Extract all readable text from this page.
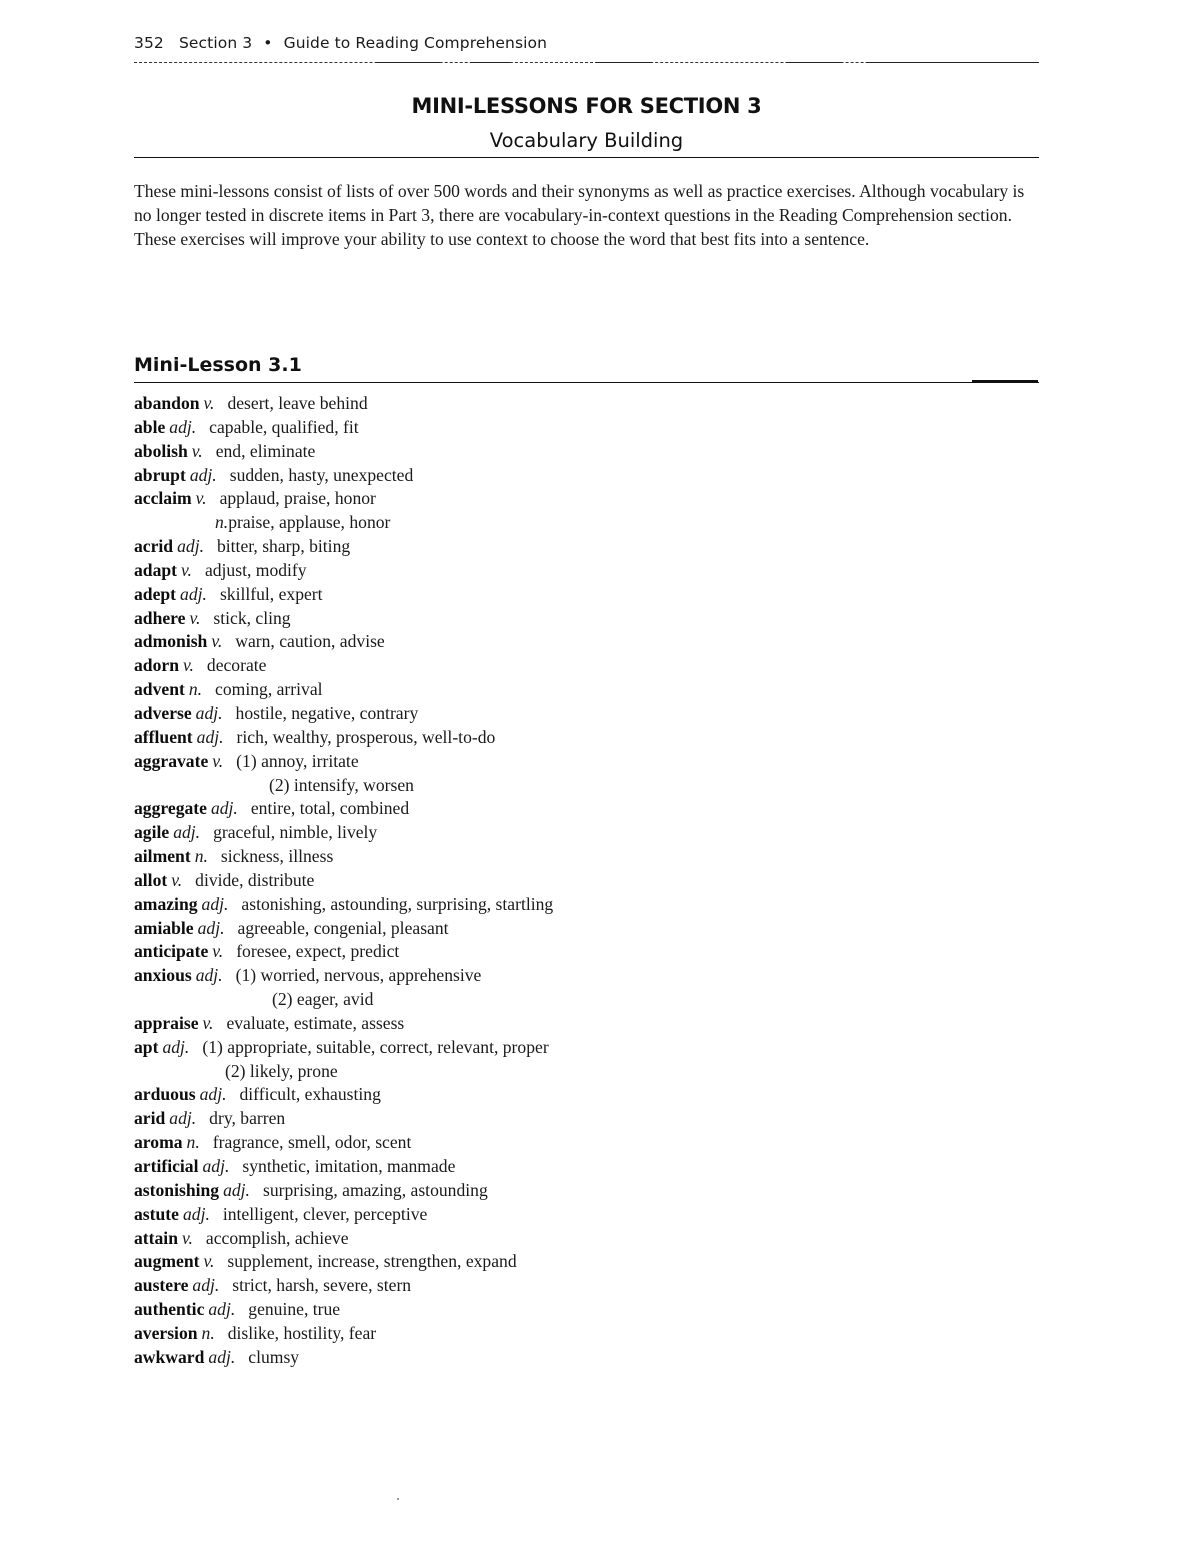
352 Section 3 • Guide to Reading Comprehension
MINI-LESSONS FOR SECTION 3
Vocabulary Building

These mini-lessons consist of lists of over 500 words and their synonyms as well as practice exercises. Although vocabulary is no longer tested in discrete items in Part 3, there are vocabulary-in-context questions in the Reading Comprehension section. These exercises will improve your ability to use context to choose the word that best fits into a sentence.

Mini-Lesson 3.1
abandon v. desert, leave behind
able adj. capable, qualified, fit
abolish v. end, eliminate
abrupt adj. sudden, hasty, unexpected
acclaim v. applaud, praise, honor
n.praise, applause, honor
acrid adj. bitter, sharp, biting
adapt v. adjust, modify
adept adj. skillful, expert
adhere v. stick, cling
admonish v. warn, caution, advise
adorn v. decorate
advent n. coming, arrival
adverse adj. hostile, negative, contrary
affluent adj. rich, wealthy, prosperous, well-to-do
aggravate v. (1) annoy, irritate
(2) intensify, worsen
aggregate adj. entire, total, combined
agile adj. graceful, nimble, lively
ailment n. sickness, illness
allot v. divide, distribute
amazing adj. astonishing, astounding, surprising, startling
amiable adj. agreeable, congenial, pleasant
anticipate v. foresee, expect, predict
anxious adj. (1) worried, nervous, apprehensive
(2) eager, avid
appraise v. evaluate, estimate, assess
apt adj. (1) appropriate, suitable, correct, relevant, proper
(2) likely, prone
arduous adj. difficult, exhausting
arid adj. dry, barren
aroma n. fragrance, smell, odor, scent
artificial adj. synthetic, imitation, manmade
astonishing adj. surprising, amazing, astounding
astute adj. intelligent, clever, perceptive
attain v. accomplish, achieve
augment v. supplement, increase, strengthen, expand
austere adj. strict, harsh, severe, stern
authentic adj. genuine, true
aversion n. dislike, hostility, fear
awkward adj. clumsy
